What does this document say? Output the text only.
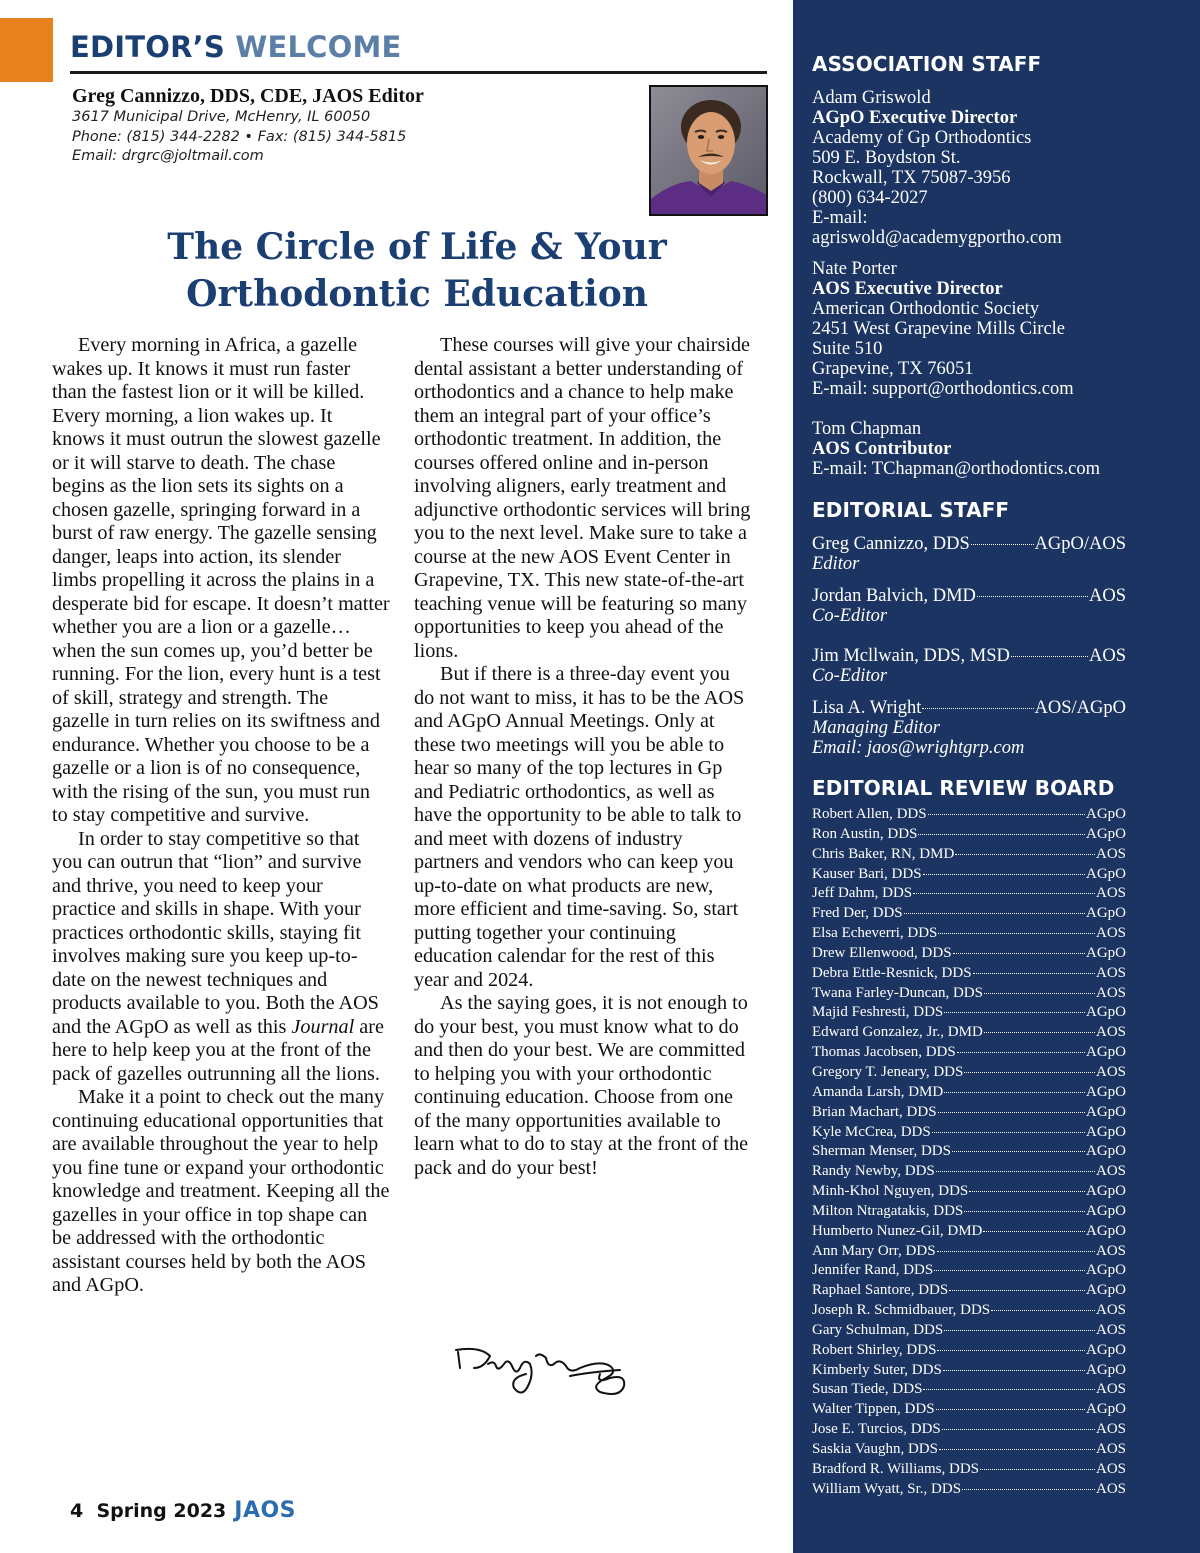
EDITOR’S WELCOME
Greg Cannizzo, DDS, CDE, JAOS Editor
3617 Municipal Drive, McHenry, IL 60050
Phone: (815) 344-2282 • Fax: (815) 344-5815
Email: drgrc@joltmail.com
The Circle of Life & Your
Orthodontic Education

Every morning in Africa, a gazelle wakes up. It knows it must run faster than the fastest lion or it will be killed. Every morning, a lion wakes up. It knows it must outrun the slowest gazelle or it will starve to death. The chase begins as the lion sets its sights on a chosen gazelle, springing forward in a burst of raw energy. The gazelle sensing danger, leaps into action, its slender limbs propelling it across the plains in a desperate bid for escape. It doesn’t matter whether you are a lion or a gazelle…when the sun comes up, you’d better be running. For the lion, every hunt is a test of skill, strategy and strength. The gazelle in turn relies on its swiftness and endurance. Whether you choose to be a gazelle or a lion is of no consequence, with the rising of the sun, you must run to stay competitive and survive.

In order to stay competitive so that you can outrun that “lion” and survive and thrive, you need to keep your practice and skills in shape. With your practices orthodontic skills, staying fit involves making sure you keep up-to-date on the newest techniques and products available to you. Both the AOS and the AGpO as well as this Journal are here to help keep you at the front of the pack of gazelles outrunning all the lions.

Make it a point to check out the many continuing educational opportunities that are available throughout the year to help you fine tune or expand your orthodontic knowledge and treatment. Keeping all the gazelles in your office in top shape can be addressed with the orthodontic assistant courses held by both the AOS and AGpO.

These courses will give your chairside dental assistant a better understanding of orthodontics and a chance to help make them an integral part of your office’s orthodontic treatment. In addition, the courses offered online and in-person involving aligners, early treatment and adjunctive orthodontic services will bring you to the next level. Make sure to take a course at the new AOS Event Center in Grapevine, TX. This new state-of-the-art teaching venue will be featuring so many opportunities to keep you ahead of the lions.

But if there is a three-day event you do not want to miss, it has to be the AOS and AGpO Annual Meetings. Only at these two meetings will you be able to hear so many of the top lectures in Gp and Pediatric orthodontics, as well as have the opportunity to be able to talk to and meet with dozens of industry partners and vendors who can keep you up-to-date on what products are new, more efficient and time-saving. So, start putting together your continuing education calendar for the rest of this year and 2024.

As the saying goes, it is not enough to do your best, you must know what to do and then do your best. We are committed to helping you with your orthodontic continuing education. Choose from one of the many opportunities available to learn what to do to stay at the front of the pack and do your best!

4 Spring 2023 JAOS
ASSOCIATION STAFF
Adam Griswold
AGpO Executive Director
Academy of Gp Orthodontics
509 E. Boydston St.
Rockwall, TX 75087-3956
(800) 634-2027
E-mail:
agriswold@academygportho.com
Nate Porter
AOS Executive Director
American Orthodontic Society
2451 West Grapevine Mills Circle
Suite 510
Grapevine, TX 76051
E-mail: support@orthodontics.com
Tom Chapman
AOS Contributor
E-mail: TChapman@orthodontics.com
EDITORIAL STAFF
Greg Cannizzo, DDS	AGpO/AOS
Editor
Jordan Balvich, DMD	AOS
Co-Editor
Jim Mcllwain, DDS, MSD	AOS
Co-Editor
Lisa A. Wright	AOS/AGpO
Managing Editor
Email: jaos@wrightgrp.com
EDITORIAL REVIEW BOARD
Robert Allen, DDS	AGpO
Ron Austin, DDS	AGpO
Chris Baker, RN, DMD	AOS
Kauser Bari, DDS	AGpO
Jeff Dahm, DDS	AOS
Fred Der, DDS	AGpO
Elsa Echeverri, DDS	AOS
Drew Ellenwood, DDS	AGpO
Debra Ettle-Resnick, DDS	AOS
Twana Farley-Duncan, DDS	AOS
Majid Feshresti, DDS	AGpO
Edward Gonzalez, Jr., DMD	AOS
Thomas Jacobsen, DDS	AGpO
Gregory T. Jeneary, DDS	AOS
Amanda Larsh, DMD	AGpO
Brian Machart, DDS	AGpO
Kyle McCrea, DDS	AGpO
Sherman Menser, DDS	AGpO
Randy Newby, DDS	AOS
Minh-Khol Nguyen, DDS	AGpO
Milton Ntragatakis, DDS	AGpO
Humberto Nunez-Gil, DMD	AGpO
Ann Mary Orr, DDS	AOS
Jennifer Rand, DDS	AGpO
Raphael Santore, DDS	AGpO
Joseph R. Schmidbauer, DDS	AOS
Gary Schulman, DDS	AOS
Robert Shirley, DDS	AGpO
Kimberly Suter, DDS	AGpO
Susan Tiede, DDS	AOS
Walter Tippen, DDS	AGpO
Jose E. Turcios, DDS	AOS
Saskia Vaughn, DDS	AOS
Bradford R. Williams, DDS	AOS
William Wyatt, Sr., DDS	AOS
